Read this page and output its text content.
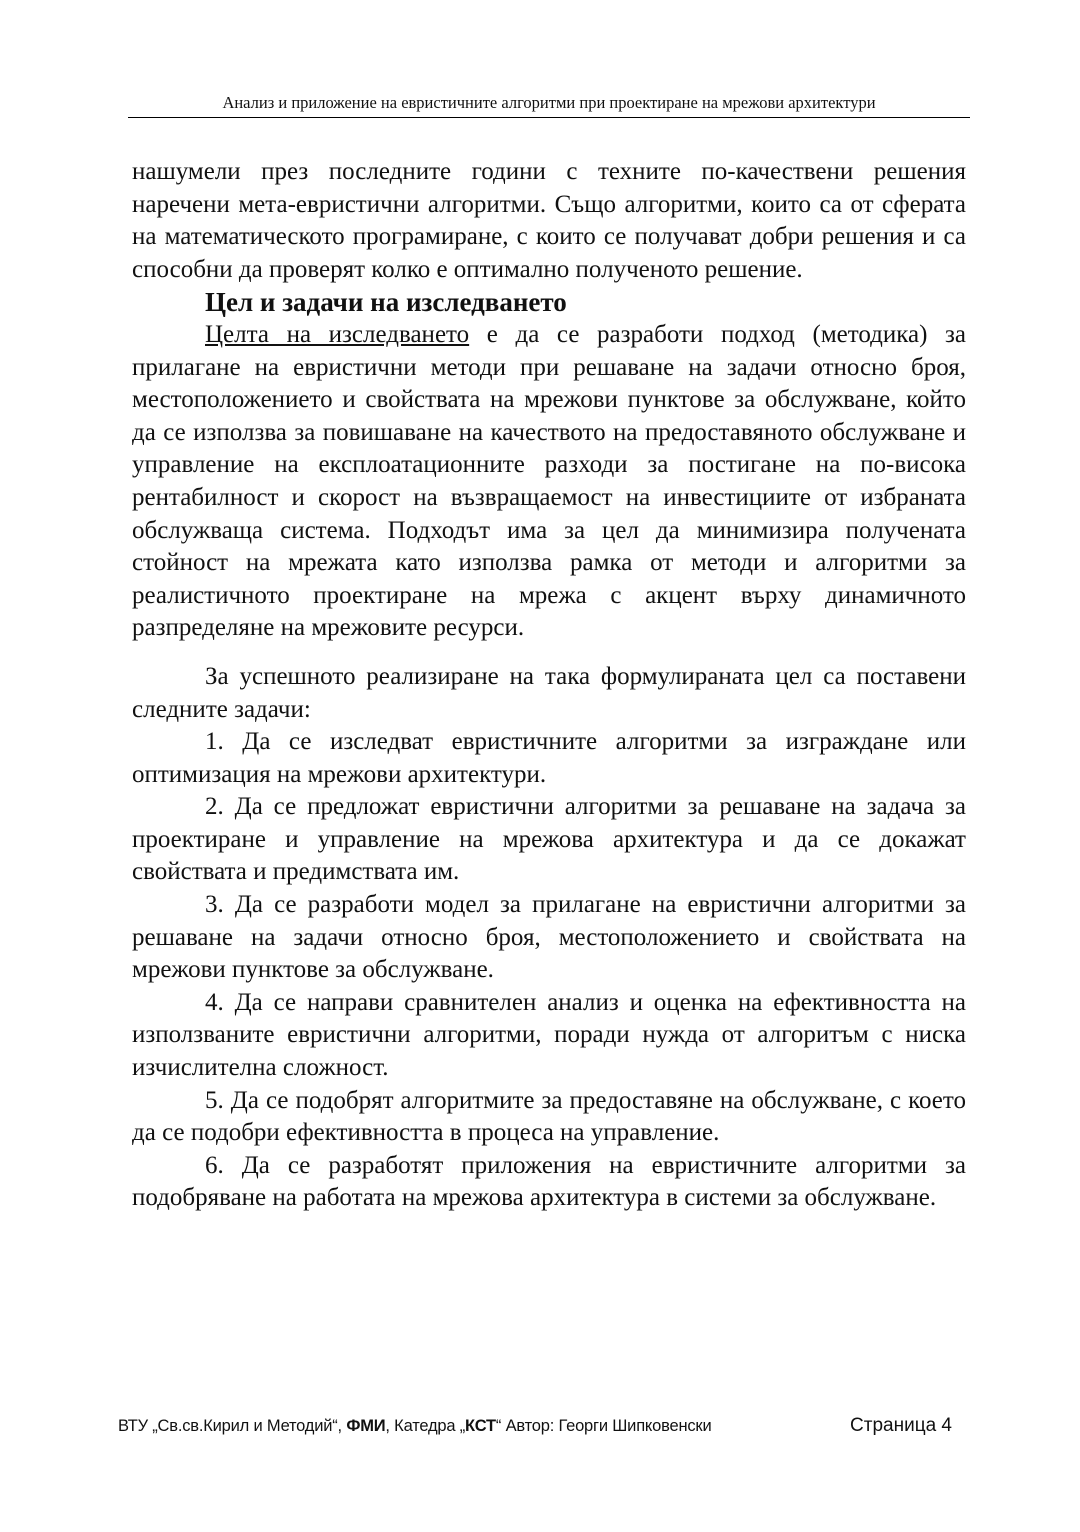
Анализ и приложение на евристичните алгоритми при проектиране на мрежови архитектури

нашумели през последните години с техните по-качествени решения наречени мета-евристични алгоритми. Също алгоритми, които са от сферата на математическото програмиране, с които се получават добри решения и са способни да проверят колко е оптимално полученото решение.

Цел и задачи на изследването

Целта на изследването е да се разработи подход (методика) за прилагане на евристични методи при решаване на задачи относно броя, местоположението и свойствата на мрежови пунктове за обслужване, който да се използва за повишаване на качеството на предоставяното обслужване и управление на експлоатационните разходи за постигане на по-висока рентабилност и скорост на възвращаемост на инвестициите от избраната обслужваща система. Подходът има за цел да минимизира получената стойност на мрежата като използва рамка от методи и алгоритми за реалистичното проектиране на мрежа с акцент върху динамичното разпределяне на мрежовите ресурси.

За успешното реализиране на така формулираната цел са поставени следните задачи:

1. Да се изследват евристичните алгоритми за изграждане или оптимизация на мрежови архитектури.

2. Да се предложат евристични алгоритми за решаване на задача за проектиране и управление на мрежова архитектура и да се докажат свойствата и предимствата им.

3. Да се разработи модел за прилагане на евристични алгоритми за решаване на задачи относно броя, местоположението и свойствата на мрежови пунктове за обслужване.

4. Да се направи сравнителен анализ и оценка на ефективността на използваните евристични алгоритми, поради нужда от алгоритъм с ниска изчислителна сложност.

5. Да се подобрят алгоритмите за предоставяне на обслужване, с което да се подобри ефективността в процеса на управление.

6. Да се разработят приложения на евристичните алгоритми за подобряване на работата на мрежова архитектура в системи за обслужване.

ВТУ „Св.св.Кирил и Методий“, ФМИ, Катедра „КСТ“ Автор: Георги Шипковенски	Страница 4
